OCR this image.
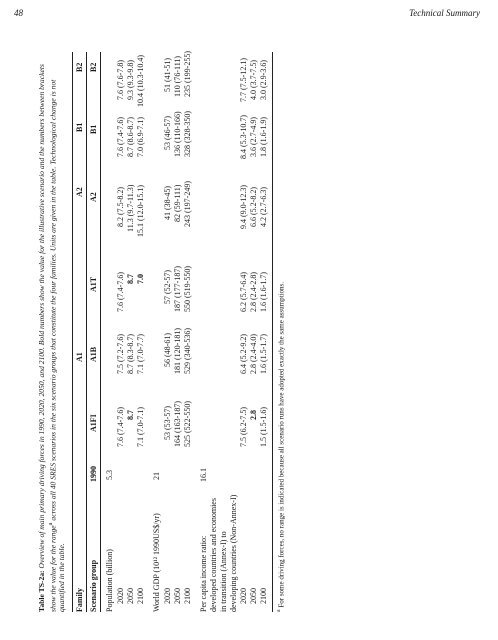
48	Technical Summary
Table TS-2a: Overview of main primary driving forces in 1990, 2020, 2050, and 2100. Bold numbers show the value for the illustrative scenario and the numbers between brackets show the value for the range$^a$ across all 40 SRES scenarios in the six scenario groups that constitute the four families. Units are given in the table. Technological change is not quantified in the table. Family
A1
A2
B1
B2
Scenario group
1990
A1FI
A1B
A1T
A2
B1
B2
Population (billion)
5.3
2020
7.6 (7.4-7.6)
7.5 (7.2-7.6)
7.6 (7.4-7.6)
8.2 (7.5-8.2)
7.6 (7.4-7.6)
7.6 (7.6-7.8)
2050
8.7
8.7 (8.3-8.7)
8.7
11.3 (9.7-11.3)
8.7 (8.6-8.7)
9.3 (9.3-9.8)
2100
7.1 (7.0-7.1)
7.1 (7.0-7.7)
7.0
15.1 (12.0-15.1)
7.0 (6.9-7.1)
10.4 (10.3-10.4)
World GDP (10¹² 1990US$/yr)
21
2020
53 (53-57)
56 (48-61)
57 (52-57)
41 (38-45)
53 (46-57)
51 (41-51)
2050
164 (163-187)
181 (120-181)
187 (177-187)
82 (59-111)
136 (110-166)
110 (76-111)
2100
525 (522-550)
529 (340-536)
550 (519-550)
243 (197-249)
328 (328-350)
235 (199-255)
Per capita income ratio: developed countries and economies in transition (Annex-I) to developing countries (Non-Annex-I)
16.1
2020
7.5 (6.2-7.5)
6.4 (5.2-9.2)
6.2 (5.7-6.4)
9.4 (9.0-12.3)
8.4 (5.3-10.7)
7.7 (7.5-12.1)
2050
2.8
2.8 (2.4-4.0)
2.8 (2.4-2.8)
6.6 (5.2-8.2)
3.6 (2.7-4.9)
4.0 (3.7-7.5)
2100
1.5 (1.5-1.6)
1.6 (1.5-1.7)
1.6 (1.6-1.7)
4.2 (2.7-6.3)
1.8 (1.6-1.9)
3.0 (2.9-3.6)
$^a$ For some driving forces, no range is indicated because all scenario runs have adopted exactly the same assumptions.
